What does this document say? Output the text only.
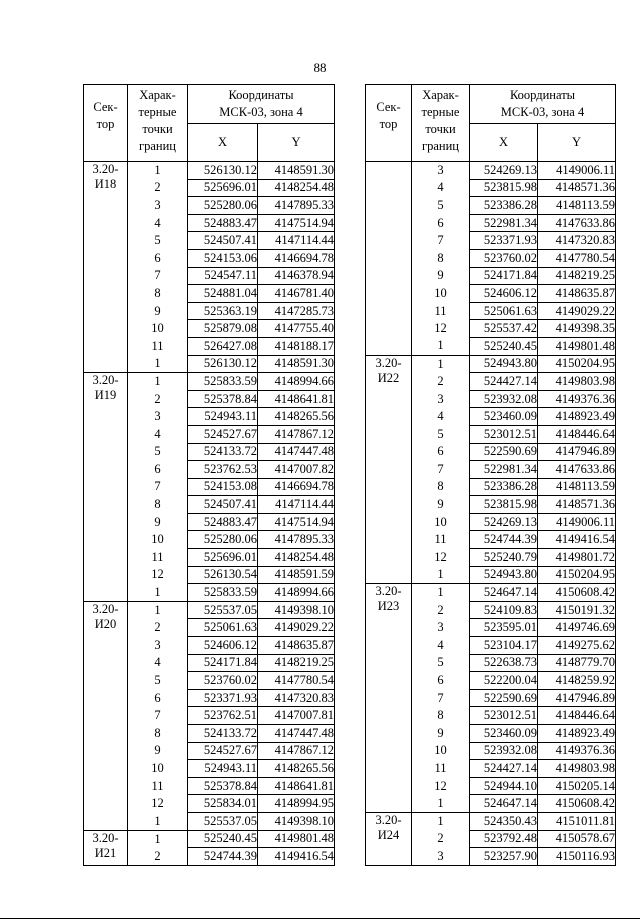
88
Сек-
тор	Харак-
терные
точки
границ	Координаты
МСК-03, зона 4	
		X	Y
3.20-
И18	1	526130.12	4148591.30
	2	525696.01	4148254.48
	3	525280.06	4147895.33
	4	524883.47	4147514.94
	5	524507.41	4147114.44
	6	524153.06	4146694.78
	7	524547.11	4146378.94
	8	524881.04	4146781.40
	9	525363.19	4147285.73
	10	525879.08	4147755.40
	11	526427.08	4148188.17
	1	526130.12	4148591.30
3.20-
И19	1	525833.59	4148994.66
	2	525378.84	4148641.81
	3	524943.11	4148265.56
	4	524527.67	4147867.12
	5	524133.72	4147447.48
	6	523762.53	4147007.82
	7	524153.08	4146694.78
	8	524507.41	4147114.44
	9	524883.47	4147514.94
	10	525280.06	4147895.33
	11	525696.01	4148254.48
	12	526130.54	4148591.59
	1	525833.59	4148994.66
3.20-
И20	1	525537.05	4149398.10
	2	525061.63	4149029.22
	3	524606.12	4148635.87
	4	524171.84	4148219.25
	5	523760.02	4147780.54
	6	523371.93	4147320.83
	7	523762.51	4147007.81
	8	524133.72	4147447.48
	9	524527.67	4147867.12
	10	524943.11	4148265.56
	11	525378.84	4148641.81
	12	525834.01	4148994.95
	1	525537.05	4149398.10
3.20-
И21	1	525240.45	4149801.48
	2	524744.39	4149416.54
Сек-
тор	Харак-
терные
точки
границ	Координаты
МСК-03, зона 4	
		X	Y
	3	524269.13	4149006.11
	4	523815.98	4148571.36
	5	523386.28	4148113.59
	6	522981.34	4147633.86
	7	523371.93	4147320.83
	8	523760.02	4147780.54
	9	524171.84	4148219.25
	10	524606.12	4148635.87
	11	525061.63	4149029.22
	12	525537.42	4149398.35
	1	525240.45	4149801.48
3.20-
И22	1	524943.80	4150204.95
	2	524427.14	4149803.98
	3	523932.08	4149376.36
	4	523460.09	4148923.49
	5	523012.51	4148446.64
	6	522590.69	4147946.89
	7	522981.34	4147633.86
	8	523386.28	4148113.59
	9	523815.98	4148571.36
	10	524269.13	4149006.11
	11	524744.39	4149416.54
	12	525240.79	4149801.72
	1	524943.80	4150204.95
3.20-
И23	1	524647.14	4150608.42
	2	524109.83	4150191.32
	3	523595.01	4149746.69
	4	523104.17	4149275.62
	5	522638.73	4148779.70
	6	522200.04	4148259.92
	7	522590.69	4147946.89
	8	523012.51	4148446.64
	9	523460.09	4148923.49
	10	523932.08	4149376.36
	11	524427.14	4149803.98
	12	524944.10	4150205.14
	1	524647.14	4150608.42
3.20-
И24	1	524350.43	4151011.81
	2	523792.48	4150578.67
	3	523257.90	4150116.93
